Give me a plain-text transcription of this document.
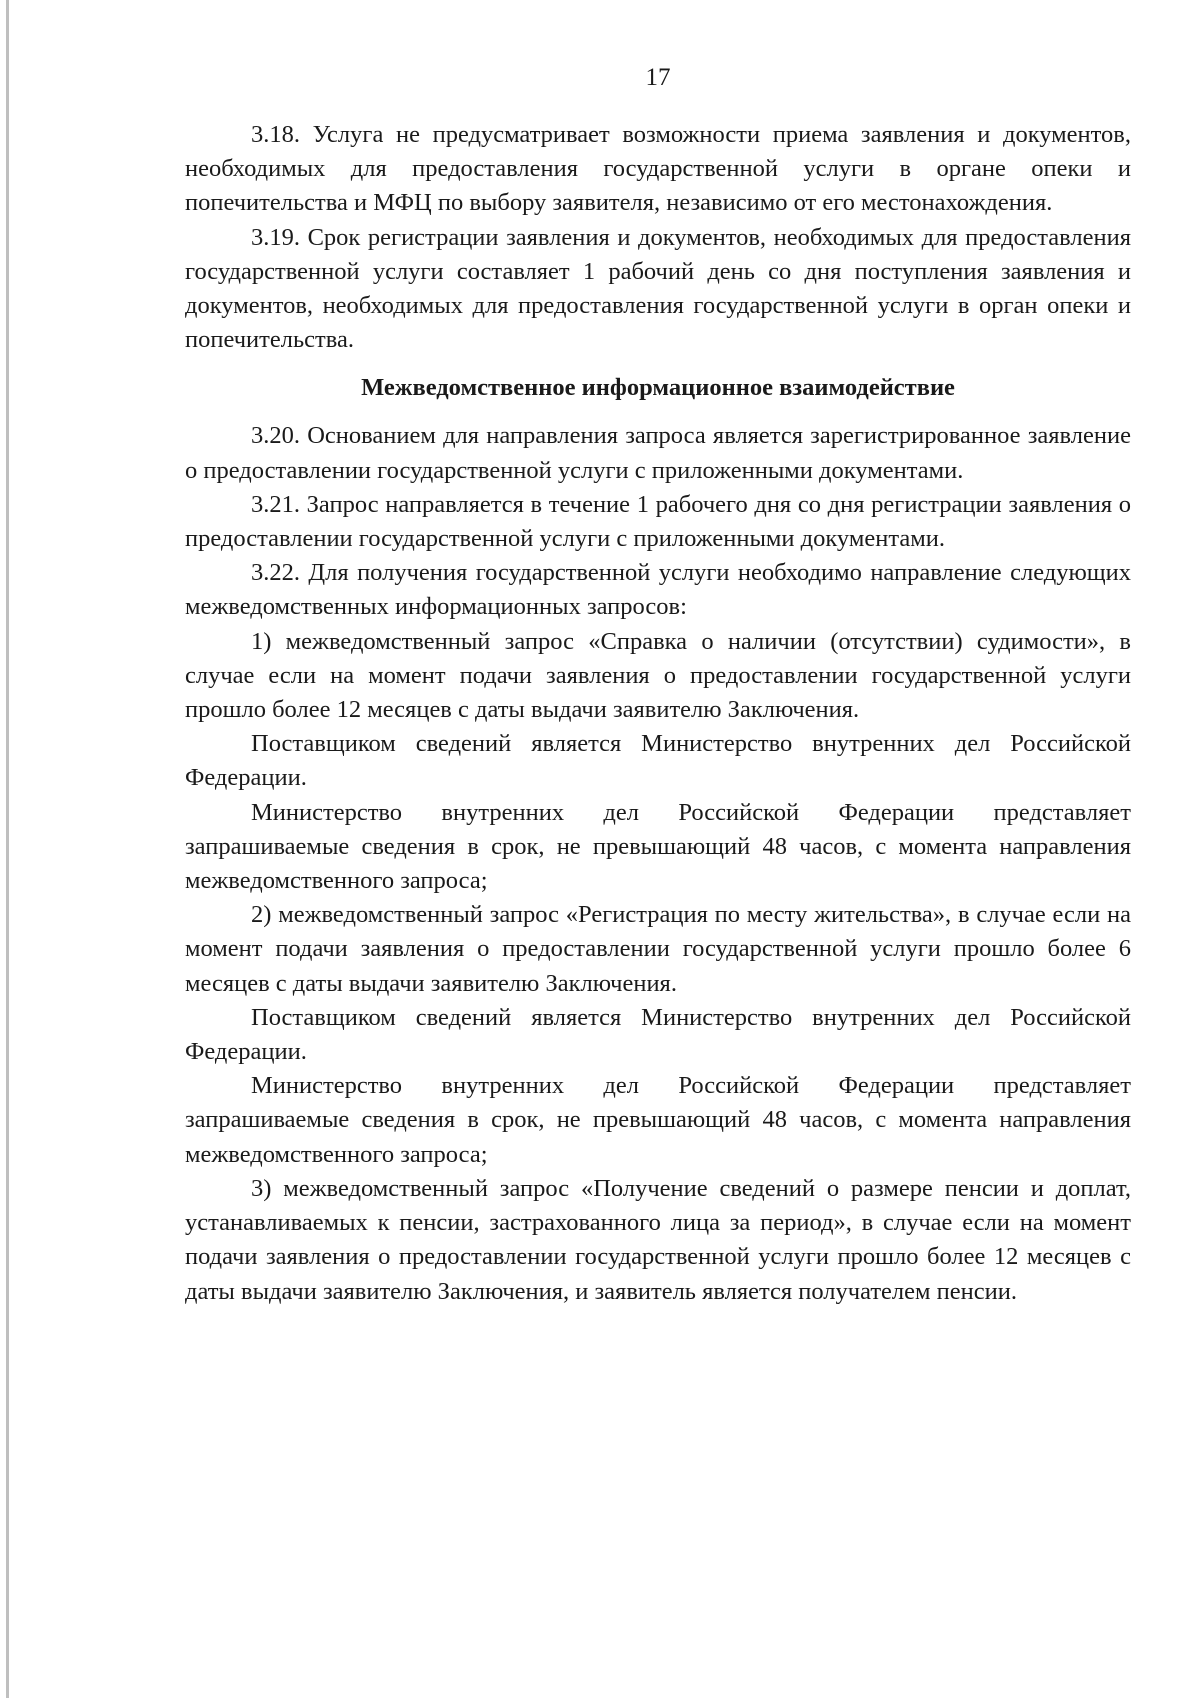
17

3.18. Услуга не предусматривает возможности приема заявления и документов, необходимых для предоставления государственной услуги в органе опеки и попечительства и МФЦ по выбору заявителя, независимо от его местонахождения.

3.19. Срок регистрации заявления и документов, необходимых для предоставления государственной услуги составляет 1 рабочий день со дня поступления заявления и документов, необходимых для предоставления государственной услуги в орган опеки и попечительства.

Межведомственное информационное взаимодействие

3.20. Основанием для направления запроса является зарегистрированное заявление о предоставлении государственной услуги с приложенными документами.

3.21. Запрос направляется в течение 1 рабочего дня со дня регистрации заявления о предоставлении государственной услуги с приложенными документами.

3.22. Для получения государственной услуги необходимо направление следующих межведомственных информационных запросов:

1) межведомственный запрос «Справка о наличии (отсутствии) судимости», в случае если на момент подачи заявления о предоставлении государственной услуги прошло более 12 месяцев с даты выдачи заявителю Заключения.

Поставщиком сведений является Министерство внутренних дел Российской Федерации.

Министерство внутренних дел Российской Федерации представляет запрашиваемые сведения в срок, не превышающий 48 часов, с момента направления межведомственного запроса;

2) межведомственный запрос «Регистрация по месту жительства», в случае если на момент подачи заявления о предоставлении государственной услуги прошло более 6 месяцев с даты выдачи заявителю Заключения.

Поставщиком сведений является Министерство внутренних дел Российской Федерации.

Министерство внутренних дел Российской Федерации представляет запрашиваемые сведения в срок, не превышающий 48 часов, с момента направления межведомственного запроса;

3) межведомственный запрос «Получение сведений о размере пенсии и доплат, устанавливаемых к пенсии, застрахованного лица за период», в случае если на момент подачи заявления о предоставлении государственной услуги прошло более 12 месяцев с даты выдачи заявителю Заключения, и заявитель является получателем пенсии.
